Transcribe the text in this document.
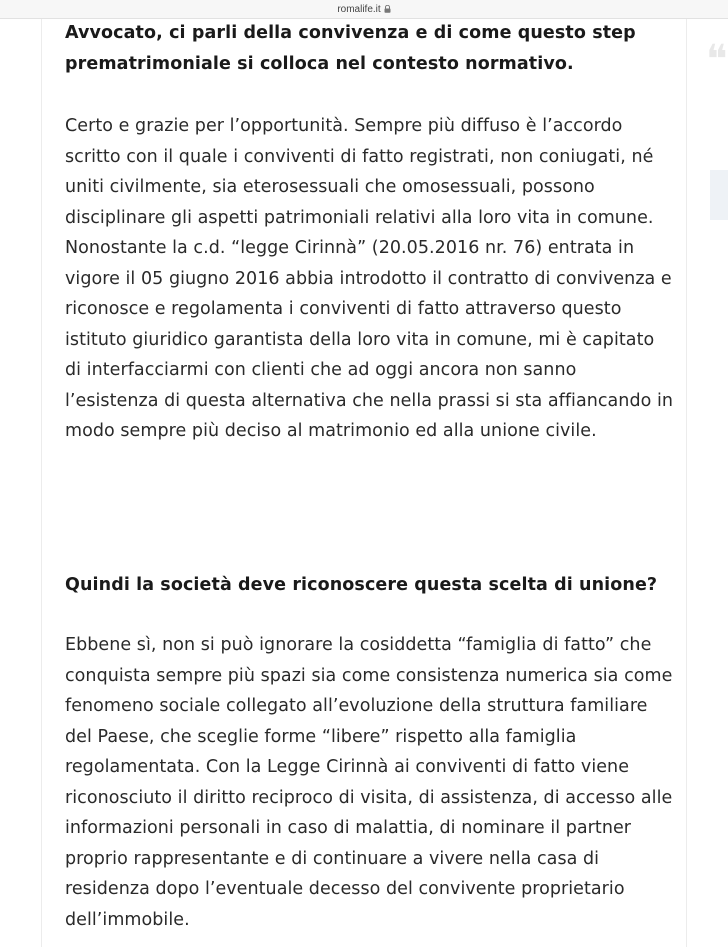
romalife.it
❝

Avvocato, ci parli della convivenza e di come questo step prematrimoniale si colloca nel contesto normativo.

Certo e grazie per l’opportunità. Sempre più diffuso è l’accordo scritto con il quale i conviventi di fatto registrati, non coniugati, né uniti civilmente, sia eterosessuali che omosessuali, possono disciplinare gli aspetti patrimoniali relativi alla loro vita in comune. Nonostante la c.d. “legge Cirinnà” (20.05.2016 nr. 76) entrata in vigore il 05 giugno 2016 abbia introdotto il contratto di convivenza e riconosce e regolamenta i conviventi di fatto attraverso questo istituto giuridico garantista della loro vita in comune, mi è capitato di interfacciarmi con clienti che ad oggi ancora non sanno l’esistenza di questa alternativa che nella prassi si sta affiancando in modo sempre più deciso al matrimonio ed alla unione civile.

Quindi la società deve riconoscere questa scelta di unione?

Ebbene sì, non si può ignorare la cosiddetta “famiglia di fatto” che conquista sempre più spazi sia come consistenza numerica sia come fenomeno sociale collegato all’evoluzione della struttura familiare del Paese, che sceglie forme “libere” rispetto alla famiglia regolamentata. Con la Legge Cirinnà ai conviventi di fatto viene riconosciuto il diritto reciproco di visita, di assistenza, di accesso alle informazioni personali in caso di malattia, di nominare il partner proprio rappresentante e di continuare a vivere nella casa di residenza dopo l’eventuale decesso del convivente proprietario dell’immobile.
